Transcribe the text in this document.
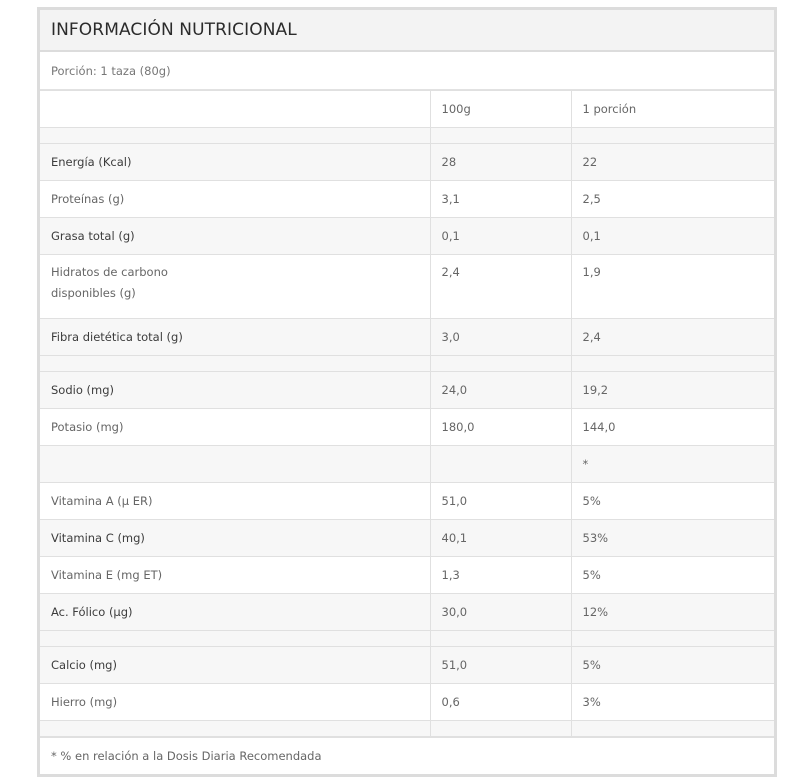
INFORMACIÓN NUTRICIONAL
Porción: 1 taza (80g)
	100g	1 porción

Energía (Kcal)	28	22
Proteínas (g)	3,1	2,5
Grasa total (g)	0,1	0,1
Hidratos de carbono disponibles (g)	2,4	1,9
Fibra dietética total (g)	3,0	2,4

Sodio (mg)	24,0	19,2
Potasio (mg)	180,0	144,0
		*
Vitamina A (µ ER)	51,0	5%
Vitamina C (mg)	40,1	53%
Vitamina E (mg ET)	1,3	5%
Ac. Fólico (µg)	30,0	12%

Calcio (mg)	51,0	5%
Hierro (mg)	0,6	3%

* % en relación a la Dosis Diaria Recomendada
